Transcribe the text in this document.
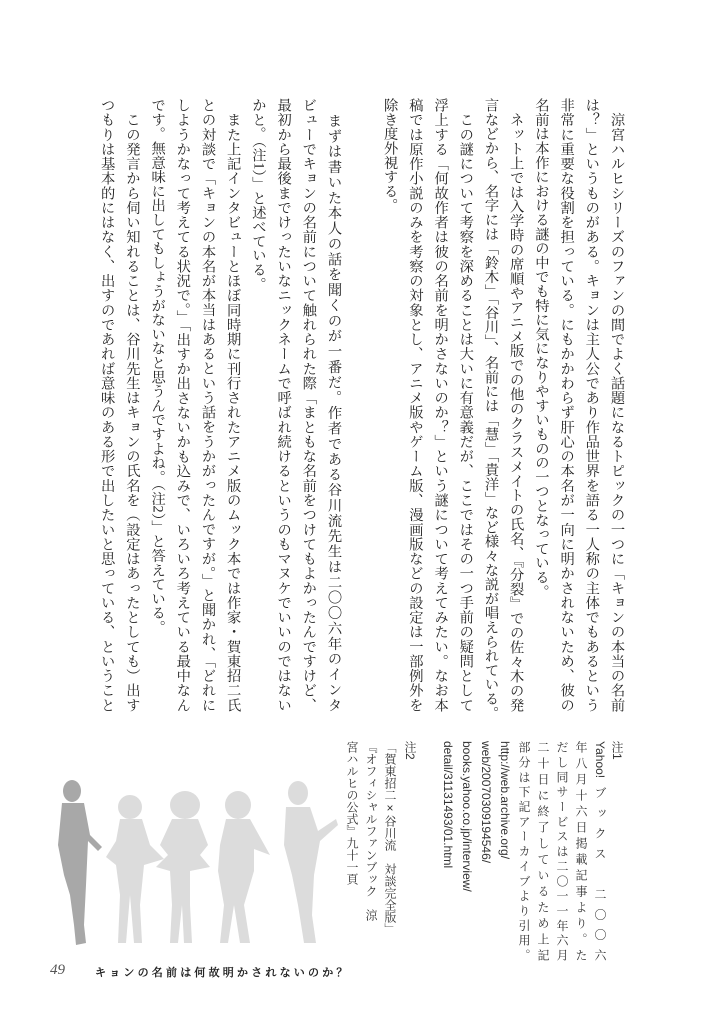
　涼宮ハルヒシリーズのファンの間でよく話題になるトピックの一つに「キョンの本当の名前
は？」というものがある。キョンは主人公であり作品世界を語る一人称の主体でもあるという
非常に重要な役割を担っている。にもかかわらず肝心の本名が一向に明かされないため、彼の
名前は本作における謎の中でも特に気になりやすいものの一つとなっている。
　ネット上では入学時の席順やアニメ版での他のクラスメイトの氏名、『分裂』での佐々木の発
言などから、名字には「鈴木」「谷川」、名前には「慧」「貴洋」など様々な説が唱えられている。
　この謎について考察を深めることは大いに有意義だが、ここではその一つ手前の疑問として
浮上する「何故作者は彼の名前を明かさないのか？」という謎について考えてみたい。なお本
稿では原作小説のみを考察の対象とし、アニメ版やゲーム版、漫画版などの設定は一部例外を
除き度外視する。
　まずは書いた本人の話を聞くのが一番だ。作者である谷川流先生は二〇〇六年のインタ
ビューでキョンの名前について触れられた際「まともな名前をつけてもよかったんですけど、
最初から最後までけったいなニックネームで呼ばれ続けるというのもマヌケでいいのではない
かと。（注1）」と述べている。
　また上記インタビューとほぼ同時期に刊行されたアニメ版のムック本では作家・賀東招二氏
との対談で「キョンの本名が本当はあるという話をうかがったんですが。」と聞かれ、「どれに
しようかなって考えてる状況で。」「出すか出さないかも込みで、いろいろ考えている最中なん
です。無意味に出してもしょうがないなと思うんですよね。（注2）」と答えている。
　この発言から伺い知れることは、谷川先生はキョンの氏名を（設定はあったとしても）出す
つもりは基本的にはなく、出すのであれば意味のある形で出したいと思っている、ということ
注1
Yahoo!ブックス　二〇〇六
年八月十六日掲載記事より。た
だし同サービスは二〇一一年六月
二十日に終了しているため上記
部分は下記アーカイブより引用。
http://web.archive.org/
web/20070309194546/
books.yahoo.co.jp/interview/
detail/31131493/01.html
注2
「賀東招二×谷川流　対談完全版」
『オフィシャルファンブック　涼
宮ハルヒの公式』九十一頁
49	キョンの名前は何故明かされないのか？
